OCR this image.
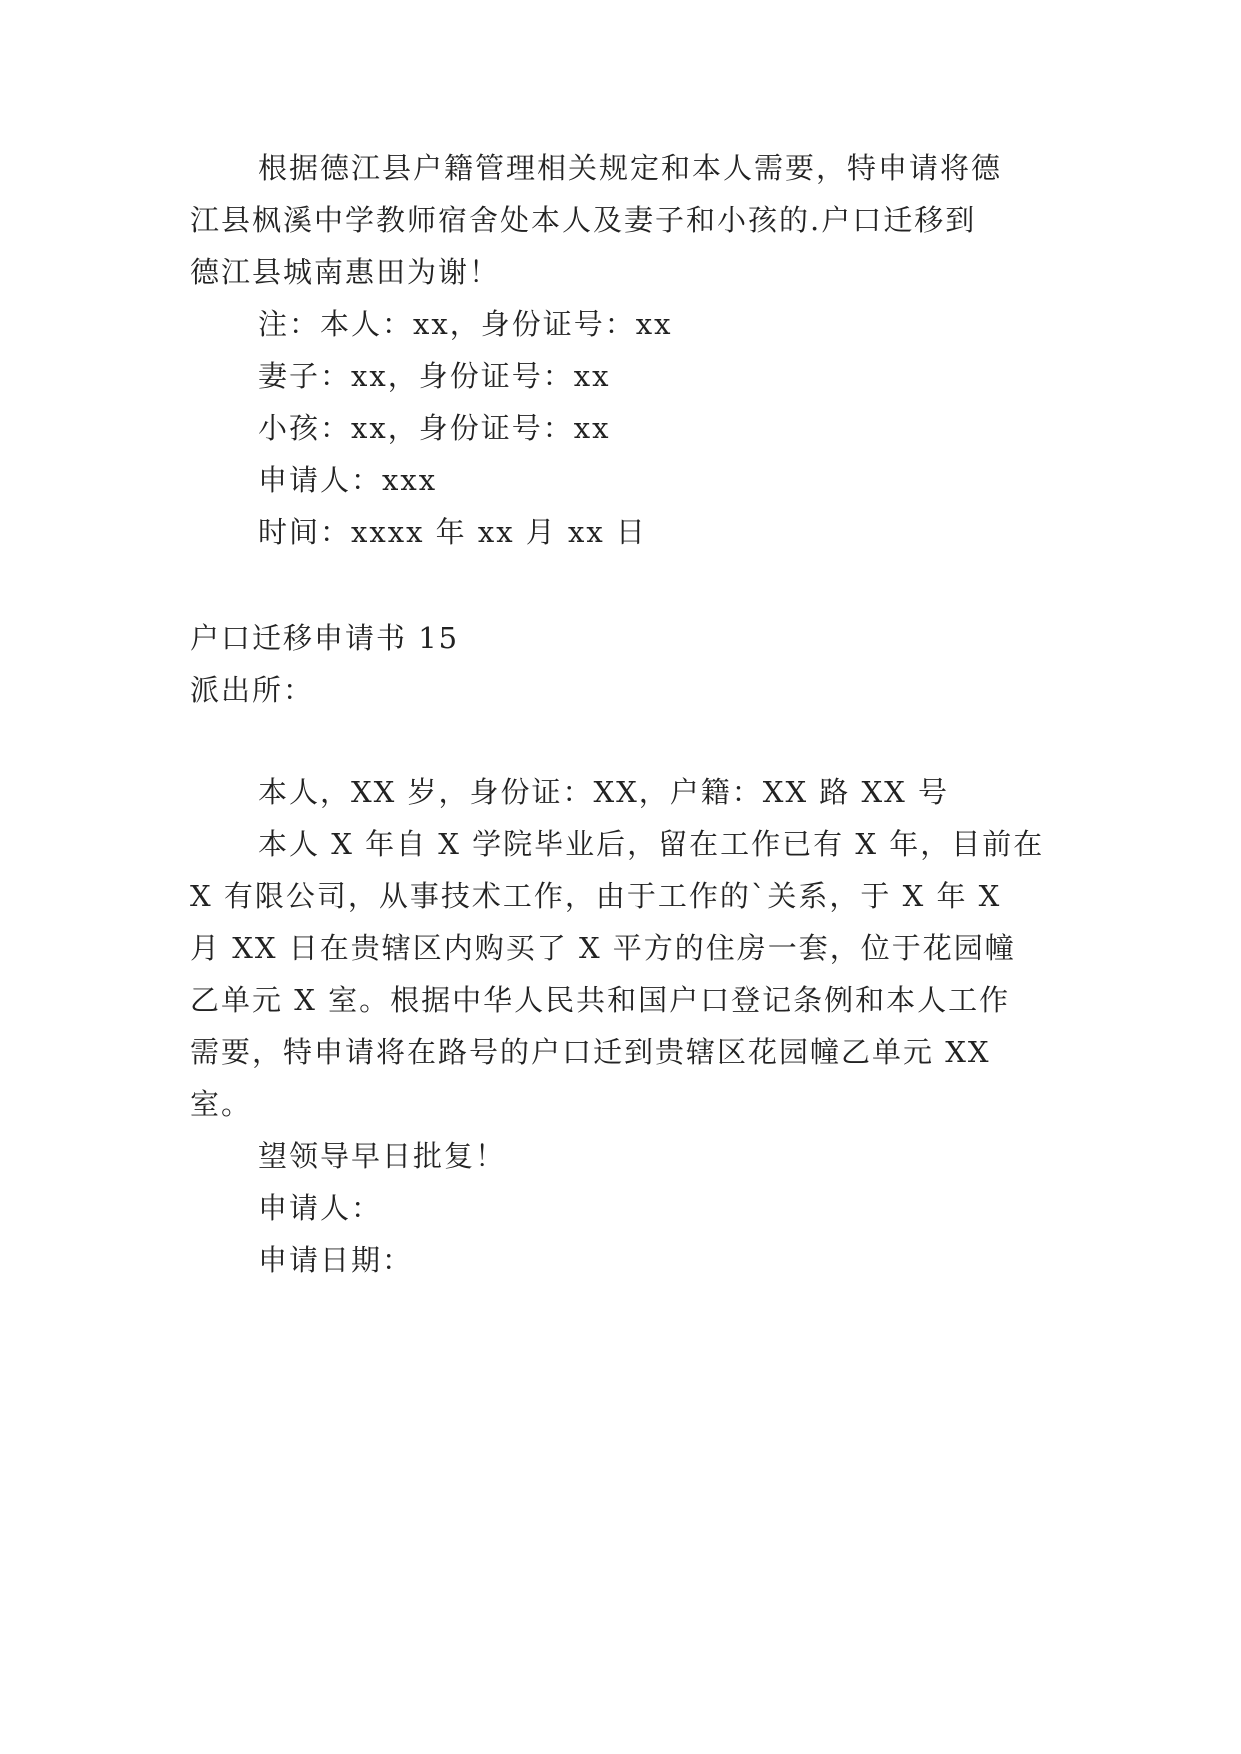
根据德江县户籍管理相关规定和本人需要，特申请将德
江县枫溪中学教师宿舍处本人及妻子和小孩的.户口迁移到
德江县城南惠田为谢！
注：本人：xx，身份证号：xx
妻子：xx，身份证号：xx
小孩：xx，身份证号：xx
申请人：xxx
时间：xxxx 年 xx 月 xx 日
户口迁移申请书 15
派出所：
本人，XX 岁，身份证：XX，户籍：XX 路 XX 号
本人 X 年自 X 学院毕业后，留在工作已有 X 年，目前在
X 有限公司，从事技术工作，由于工作的`关系，于 X 年 X
月 XX 日在贵辖区内购买了 X 平方的住房一套，位于花园幢
乙单元 X 室。根据中华人民共和国户口登记条例和本人工作
需要，特申请将在路号的户口迁到贵辖区花园幢乙单元 XX
室。
望领导早日批复！
申请人：
申请日期：
